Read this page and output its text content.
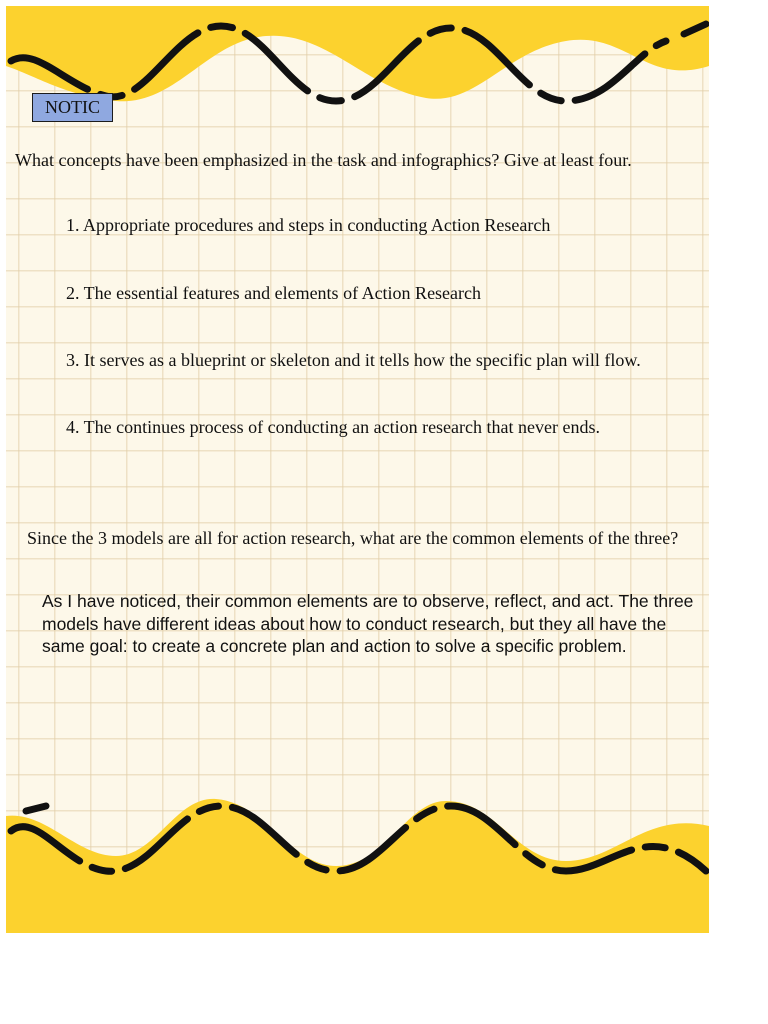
NOTIC

What concepts have been emphasized in the task and infographics? Give at least four.

1. Appropriate procedures and steps in conducting Action Research

2. The essential features and elements of Action Research

3. It serves as a blueprint or skeleton and it tells how the specific plan will flow.

4. The continues process of conducting an action research that never ends.

Since the 3 models are all for action research, what are the common elements of the three?

As I have noticed, their common elements are to observe, reflect, and act. The three models have different ideas about how to conduct research, but they all have the same goal: to create a concrete plan and action to solve a specific problem.
